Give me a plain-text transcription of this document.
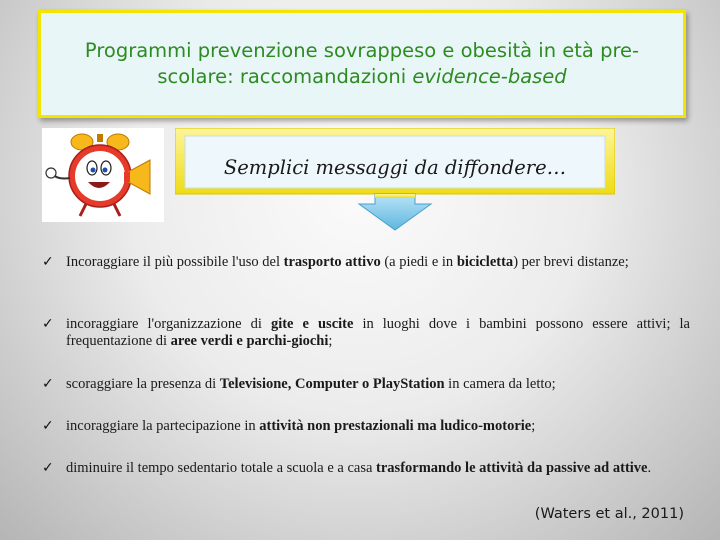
Programmi prevenzione sovrappeso e obesità in età pre-scolare: raccomandazioni evidence-based
Semplici messaggi da diffondere…
✓ Incoraggiare il più possibile l'uso del trasporto attivo (a piedi e in bicicletta) per brevi distanze;
✓ incoraggiare l'organizzazione di gite e uscite in luoghi dove i bambini possono essere attivi; la frequentazione di aree verdi e parchi-giochi;
✓ scoraggiare la presenza di Televisione, Computer o PlayStation in camera da letto;
✓ incoraggiare la partecipazione in attività non prestazionali ma ludico-motorie;
✓ diminuire il tempo sedentario totale a scuola e a casa trasformando le attività da passive ad attive.
(Waters et al., 2011)
